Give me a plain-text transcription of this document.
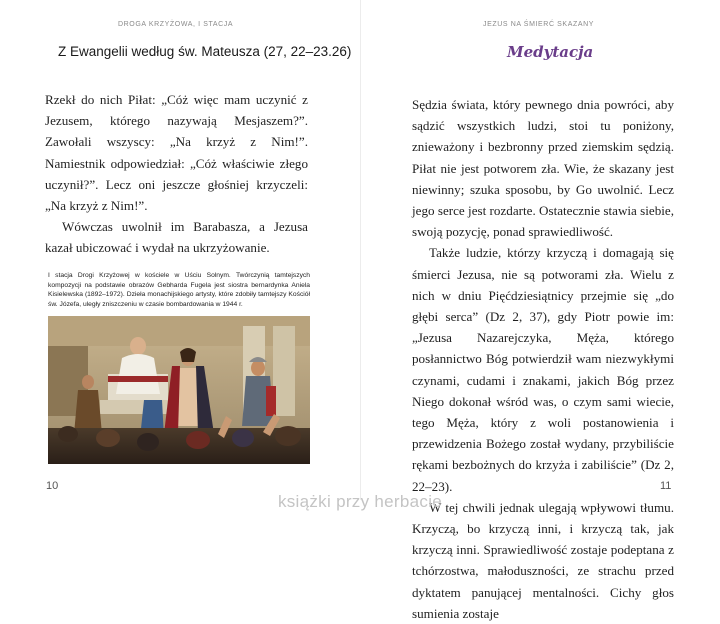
DROGA KRZYŻOWA, I STACJA
Z Ewangelii według św. Mateusza (27, 22–23.26)

Rzekł do nich Piłat: „Cóż więc mam uczynić z Jezusem, którego nazywają Mesjaszem?”. Zawołali wszyscy: „Na krzyż z Nim!”. Namiestnik odpowiedział: „Cóż właściwie złego uczynił?”. Lecz oni jeszcze głośniej krzyczeli: „Na krzyż z Nim!”.

Wówczas uwolnił im Barabasza, a Jezusa kazał ubiczować i wydał na ukrzyżowanie.

I stacja Drogi Krzyżowej w kościele w Uściu Solnym. Twórczynią tamtejszych kompozycji na podstawie obrazów Gebharda Fugela jest siostra bernardynka Aniela Kisielewska (1892–1972). Dzieła monachijskiego artysty, które zdobiły tamtejszy Kościół św. Józefa, uległy zniszczeniu w czasie bombardowania w 1944 r.
10
JEZUS NA ŚMIERĆ SKAZANY
Medytacja

Sędzia świata, który pewnego dnia powróci, aby sądzić wszystkich ludzi, stoi tu poniżony, znieważony i bezbronny przed ziemskim sędzią. Piłat nie jest potworem zła. Wie, że skazany jest niewinny; szuka sposobu, by Go uwolnić. Lecz jego serce jest rozdarte. Ostatecznie stawia siebie, swoją pozycję, ponad sprawiedliwość.

Także ludzie, którzy krzyczą i domagają się śmierci Jezusa, nie są potworami zła. Wielu z nich w dniu Pięćdziesiątnicy przejmie się „do głębi serca” (Dz 2, 37), gdy Piotr powie im: „Jezusa Nazarejczyka, Męża, którego posłannictwo Bóg potwierdził wam niezwykłymi czynami, cudami i znakami, jakich Bóg przez Niego dokonał wśród was, o czym sami wiecie, tego Męża, który z woli postanowienia i przewidzenia Bożego został wydany, przybiliście rękami bezbożnych do krzyża i zabiliście” (Dz 2, 22–23).

W tej chwili jednak ulegają wpływowi tłumu. Krzyczą, bo krzyczą inni, i krzyczą tak, jak krzyczą inni. Sprawiedliwość zostaje podeptana z tchórzostwa, małoduszności, ze strachu przed dyktatem panującej mentalności. Cichy głos sumienia zostaje

11
książki przy herbacie
